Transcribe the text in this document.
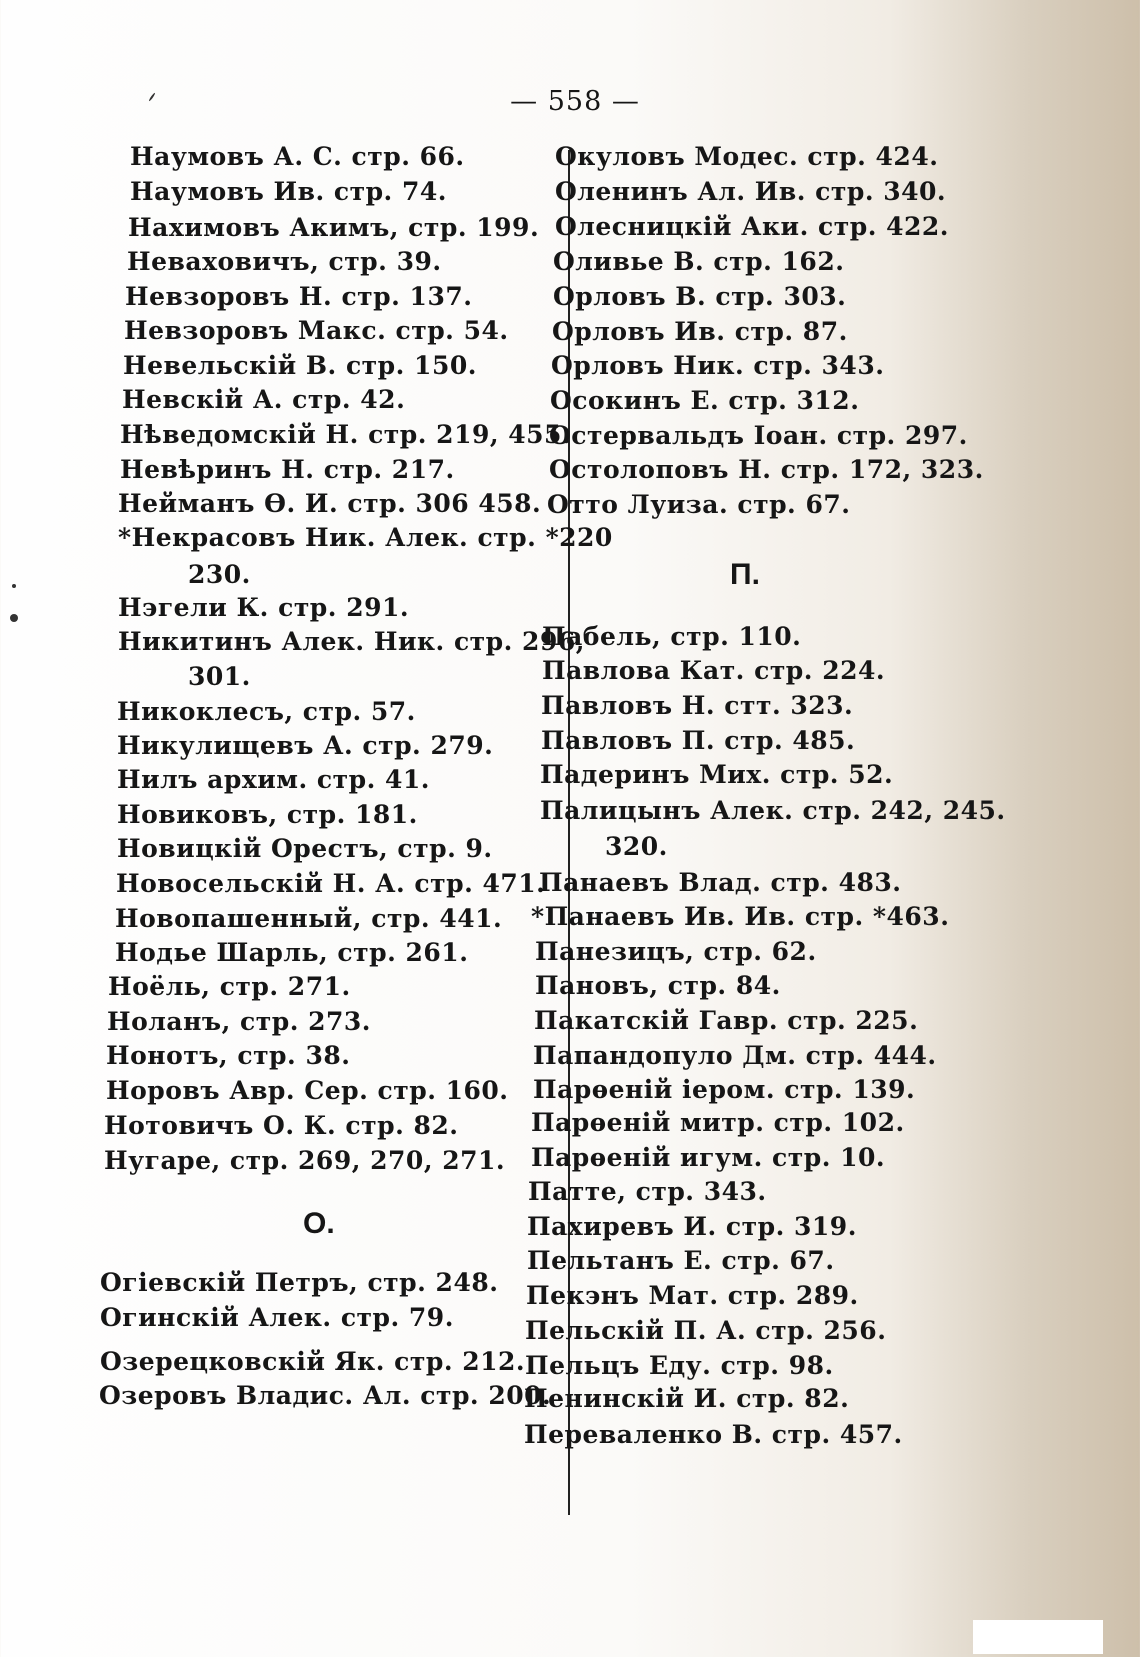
— 558 —
Наумовъ А. С. стр. 66.
Наумовъ Ив. стр. 74.
Нахимовъ Акимъ, стр. 199.
Неваховичъ, стр. 39.
Невзоровъ Н. стр. 137.
Невзоровъ Макс. стр. 54.
Невельскій В. стр. 150.
Невскій А. стр. 42.
Нѣведомскій Н. стр. 219, 455.
Невѣринъ Н. стр. 217.
Нейманъ Ѳ. И. стр. 306 458.
*Некрасовъ Ник. Алек. стр. *220
230.
Нэгели К. стр. 291.
Никитинъ Алек. Ник. стр. 296,
301.
Никоклесъ, стр. 57.
Никулищевъ А. стр. 279.
Нилъ архим. стр. 41.
Новиковъ, стр. 181.
Новицкій Орестъ, стр. 9.
Новосельскій Н. А. стр. 471.
Новопашенный, стр. 441.
Нодье Шарль, стр. 261.
Ноёль, стр. 271.
Ноланъ, стр. 273.
Нонотъ, стр. 38.
Норовъ Авр. Сер. стр. 160.
Нотовичъ О. К. стр. 82.
Нугаре, стр. 269, 270, 271.
Огіевскій Петръ, стр. 248.
Огинскій Алек. стр. 79.
Озерецковскій Як. стр. 212.
Озеровъ Владис. Ал. стр. 200.
Окуловъ Модес. стр. 424.
Оленинъ Ал. Ив. стр. 340.
Олесницкій Аки. стр. 422.
Оливье В. стр. 162.
Орловъ В. стр. 303.
Орловъ Ив. стр. 87.
Орловъ Ник. стр. 343.
Осокинъ Е. стр. 312.
Остервальдъ Іоан. стр. 297.
Остолоповъ Н. стр. 172, 323.
Отто Луиза. стр. 67.
Пабель, стр. 110.
Павлова Кат. стр. 224.
Павловъ Н. стт. 323.
Павловъ П. стр. 485.
Падеринъ Мих. стр. 52.
Палицынъ Алек. стр. 242, 245.
320.
Панаевъ Влад. стр. 483.
*Панаевъ Ив. Ив. стр. *463.
Панезицъ, стр. 62.
Пановъ, стр. 84.
Пакатскій Гавр. стр. 225.
Папандопуло Дм. стр. 444.
Парѳеній іером. стр. 139.
Парѳеній митр. стр. 102.
Парѳеній игум. стр. 10.
Патте, стр. 343.
Пахиревъ И. стр. 319.
Пельтанъ Е. стр. 67.
Пекэнъ Мат. стр. 289.
Пельскій П. А. стр. 256.
Пельцъ Еду. стр. 98.
Пенинскій И. стр. 82.
Переваленко В. стр. 457.
О.
П.
